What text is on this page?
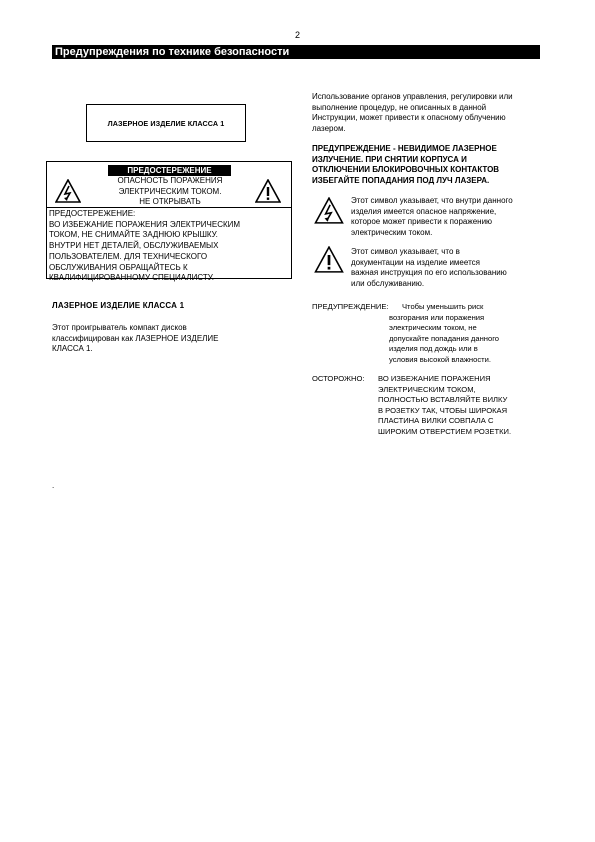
2
Предупреждения по технике безопасности
ЛАЗЕРНОЕ ИЗДЕЛИЕ КЛАССА 1
ПРЕДОСТЕРЕЖЕНИЕ
ОПАСНОСТЬ ПОРАЖЕНИЯ
ЭЛЕКТРИЧЕСКИМ ТОКОМ.
НЕ ОТКРЫВАТЬ
ПРЕДОСТЕРЕЖЕНИЕ:
ВО ИЗБЕЖАНИЕ ПОРАЖЕНИЯ ЭЛЕКТРИЧЕСКИМ
ТОКОМ, НЕ СНИМАЙТЕ ЗАДНЮЮ КРЫШКУ.
ВНУТРИ НЕТ ДЕТАЛЕЙ, ОБСЛУЖИВАЕМЫХ
ПОЛЬЗОВАТЕЛЕМ. ДЛЯ ТЕХНИЧЕСКОГО
ОБСЛУЖИВАНИЯ ОБРАЩАЙТЕСЬ К
КВАЛИФИЦИРОВАННОМУ СПЕЦИАЛИСТУ.
ЛАЗЕРНОЕ ИЗДЕЛИЕ КЛАССА 1
Этот проигрыватель компакт дисков
классифицирован как ЛАЗЕРНОЕ ИЗДЕЛИЕ
КЛАССА 1.
.
Использование органов управления, регулировки или
выполнение процедур, не описанных в данной
Инструкции, может привести к опасному облучению
лазером.
ПРЕДУПРЕЖДЕНИЕ - НЕВИДИМОЕ ЛАЗЕРНОЕ
ИЗЛУЧЕНИЕ. ПРИ СНЯТИИ КОРПУСА И
ОТКЛЮЧЕНИИ БЛОКИРОВОЧНЫХ КОНТАКТОВ
ИЗБЕГАЙТЕ ПОПАДАНИЯ ПОД ЛУЧ ЛАЗЕРА.
Этот символ указывает, что внутри данного
изделия имеется опасное напряжение,
которое может привести к поражению
электрическим током.
Этот символ указывает, что в
документации на изделие имеется
важная инструкция по его использованию
или обслуживанию.
ПРЕДУПРЕЖДЕНИЕ: Чтобы уменьшить риск
возгорания или поражения
электрическим током, не
допускайте попадания данного
изделия под дождь или в
условия высокой влажности.
ОСТОРОЖНО: ВО ИЗБЕЖАНИЕ ПОРАЖЕНИЯ
ЭЛЕКТРИЧЕСКИМ ТОКОМ,
ПОЛНОСТЬЮ ВСТАВЛЯЙТЕ ВИЛКУ
В РОЗЕТКУ ТАК, ЧТОБЫ ШИРОКАЯ
ПЛАСТИНА ВИЛКИ СОВПАЛА С
ШИРОКИМ ОТВЕРСТИЕМ РОЗЕТКИ.
